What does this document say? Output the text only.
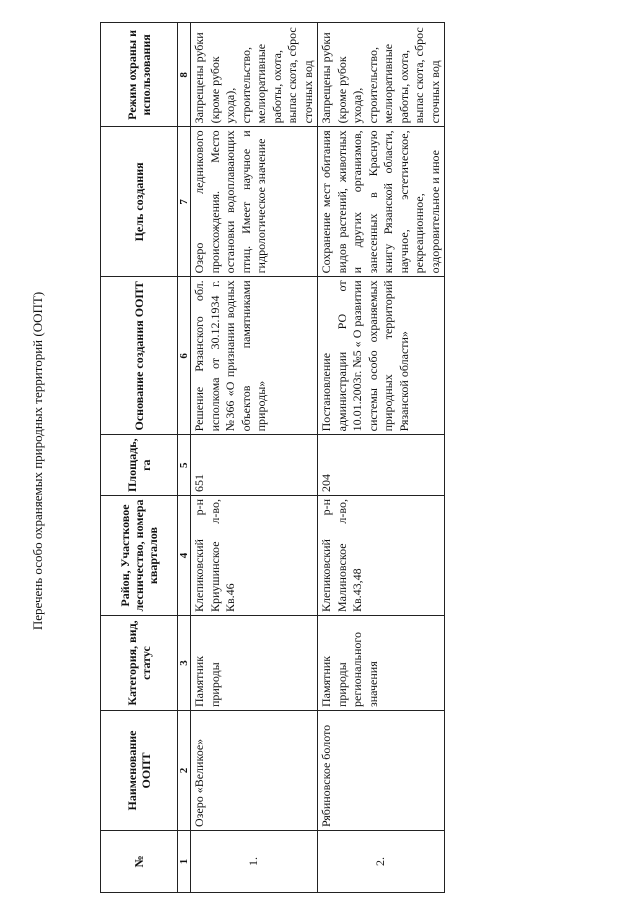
Перечень особо охраняемых природных территорий (ООПТ)
№	Наименование ООПТ	Категория, вид, статус	Район, Участковое лесничество, номера кварталов	Площадь, га	Основание создания ООПТ	Цель создания	Режим охраны и использования
1	2	3	4	5	6	7	8
1.	Озеро «Великое»	Памятник природы	Клепиковский р-н Криушинское л-во, Кв.46	651	Решение Рязанского обл. исполкома от 30.12.1934 г. №366 «О признании водных объектов памятниками природы»	Озеро ледникового происхождения. Место остановки водоплавающих птиц. Имеет научное и гидрологическое значение	Запрещены рубки (кроме рубок ухода), строительство, мелиоративные работы, охота, выпас скота, сброс сточных вод
2.	Рябиновское болото	Памятник природы регионального значения	Клепиковский р-н Малиновское л-во, Кв.43,48	204	Постановление администрации РО от 10.01.2003г. №5 « О развитии системы особо охраняемых природных территорий Рязанской области»	Сохранение мест обитания видов растений, животных и других организмов, занесенных в Красную книгу Рязанской области, научное, эстетическое, рекреационное, оздоровительное и иное	Запрещены рубки (кроме рубок ухода), строительство, мелиоративные работы, охота, выпас скота, сброс сточных вод
